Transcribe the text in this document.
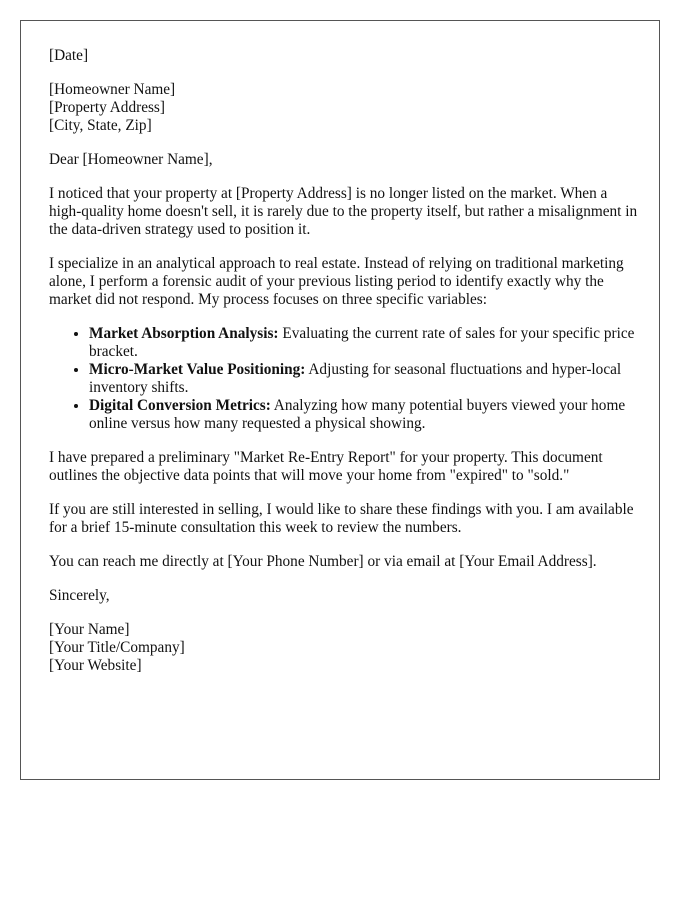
[Date]

[Homeowner Name]
[Property Address]
[City, State, Zip]

Dear [Homeowner Name],

I noticed that your property at [Property Address] is no longer listed on the market. When a high-quality home doesn't sell, it is rarely due to the property itself, but rather a misalignment in the data-driven strategy used to position it.

I specialize in an analytical approach to real estate. Instead of relying on traditional marketing alone, I perform a forensic audit of your previous listing period to identify exactly why the market did not respond. My process focuses on three specific variables:

• Market Absorption Analysis: Evaluating the current rate of sales for your specific price bracket.
• Micro-Market Value Positioning: Adjusting for seasonal fluctuations and hyper-local inventory shifts.
• Digital Conversion Metrics: Analyzing how many potential buyers viewed your home online versus how many requested a physical showing.

I have prepared a preliminary "Market Re-Entry Report" for your property. This document outlines the objective data points that will move your home from "expired" to "sold."

If you are still interested in selling, I would like to share these findings with you. I am available for a brief 15-minute consultation this week to review the numbers.

You can reach me directly at [Your Phone Number] or via email at [Your Email Address].

Sincerely,

[Your Name]
[Your Title/Company]
[Your Website]
